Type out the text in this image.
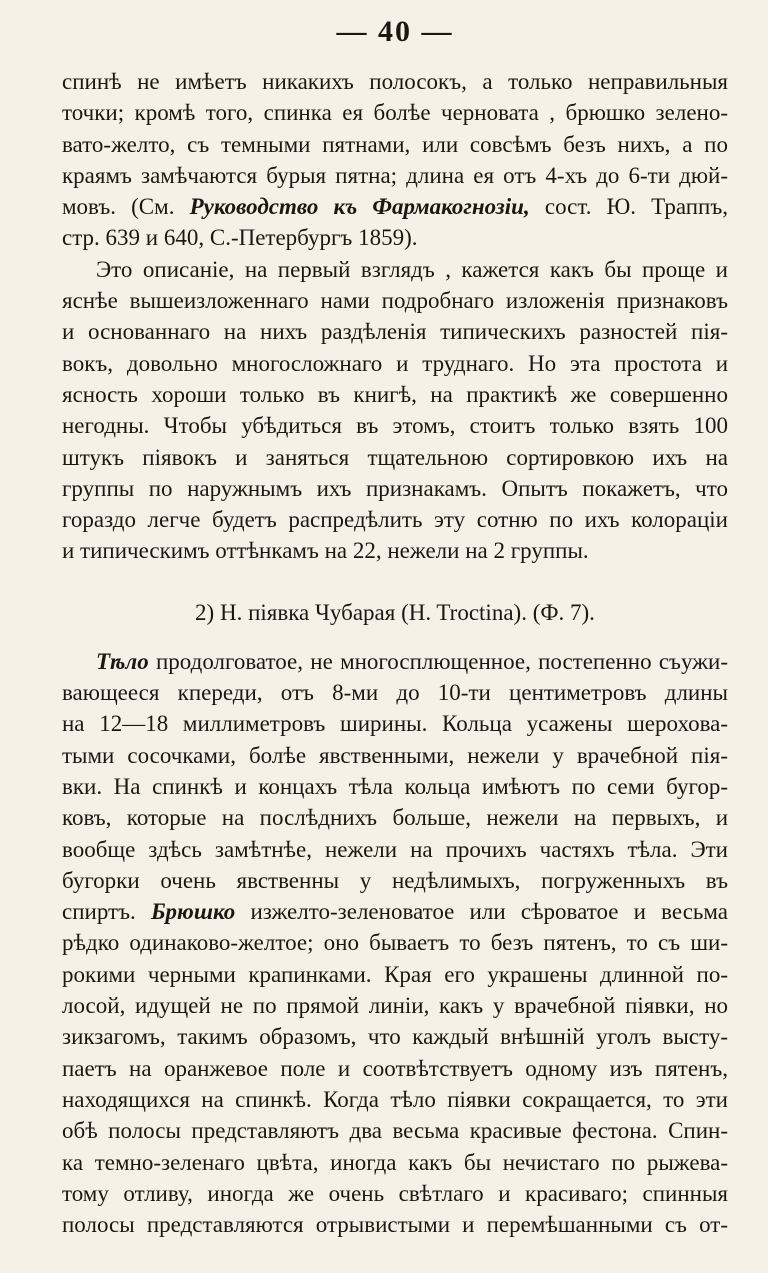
— 40 —
спинѣ не имѣетъ никакихъ полосокъ, а только неправильныя
точки; кромѣ того, спинка ея болѣе черновата , брюшко зелено-
вато-желто, съ темными пятнами, или совсѣмъ безъ нихъ, а по
краямъ замѣчаются бурыя пятна; длина ея отъ 4-хъ до 6-ти дюй-
мовъ. (См. Руководство къ Фармакогнозіи, сост. Ю. Траппъ,
стр. 639 и 640, С.-Петербургъ 1859).
Это описаніе, на первый взглядъ , кажется какъ бы проще и
яснѣе вышеизложеннаго нами подробнаго изложенія признаковъ
и основаннаго на нихъ раздѣленія типическихъ разностей пія-
вокъ, довольно многосложнаго и труднаго. Но эта простота и
ясность хороши только въ книгѣ, на практикѣ же совершенно
негодны. Чтобы убѣдиться въ этомъ, стоитъ только взять 100
штукъ піявокъ и заняться тщательною сортировкою ихъ на
группы по наружнымъ ихъ признакамъ. Опытъ покажетъ, что
гораздо легче будетъ распредѣлить эту сотню по ихъ колораціи
и типическимъ оттѣнкамъ на 22, нежели на 2 группы.
2) H. піявка Чубарая (H. Troctina). (Ф. 7).
Тѣло продолговатое, не многосплющенное, постепенно съужи-
вающееся кпереди, отъ 8-ми до 10-ти центиметровъ длины
на 12—18 миллиметровъ ширины. Кольца усажены шерохова-
тыми сосочками, болѣе явственными, нежели у врачебной пія-
вки. На спинкѣ и концахъ тѣла кольца имѣютъ по семи бугор-
ковъ, которые на послѣднихъ больше, нежели на первыхъ, и
вообще здѣсь замѣтнѣе, нежели на прочихъ частяхъ тѣла. Эти
бугорки очень явственны у недѣлимыхъ, погруженныхъ въ
спиртъ. Брюшко изжелто-зеленоватое или сѣроватое и весьма
рѣдко одинаково-желтое; оно бываетъ то безъ пятенъ, то съ ши-
рокими черными крапинками. Края его украшены длинной по-
лосой, идущей не по прямой линіи, какъ у врачебной піявки, но
зикзагомъ, такимъ образомъ, что каждый внѣшній уголъ высту-
паетъ на оранжевое поле и соотвѣтствуетъ одному изъ пятенъ,
находящихся на спинкѣ. Когда тѣло піявки сокращается, то эти
обѣ полосы представляютъ два весьма красивые фестона. Спин-
ка темно-зеленаго цвѣта, иногда какъ бы нечистаго по рыжева-
тому отливу, иногда же очень свѣтлаго и красиваго; спинныя
полосы представляются отрывистыми и перемѣшанными съ от-
